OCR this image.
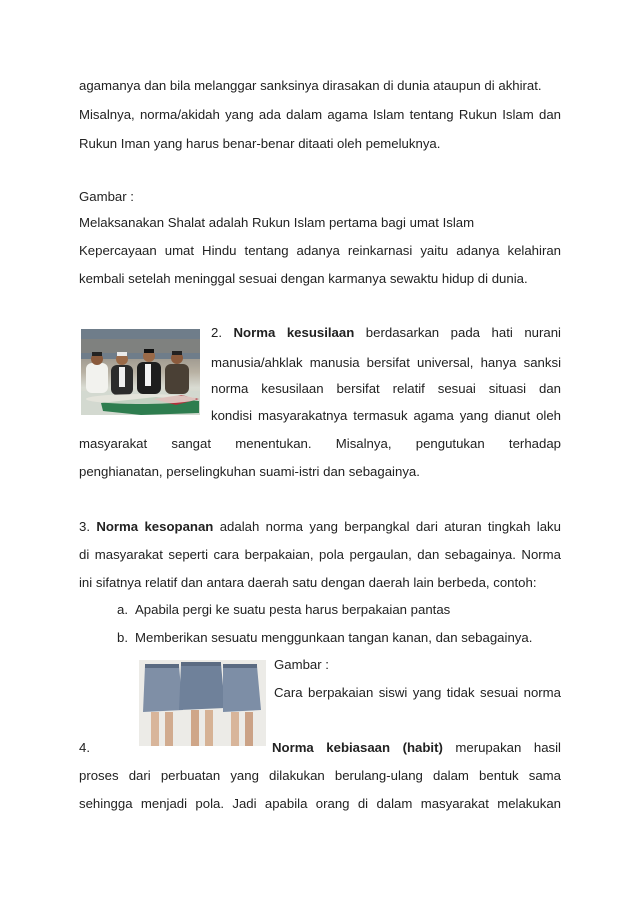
agamanya dan bila melanggar sanksinya dirasakan di dunia ataupun di akhirat.
Misalnya, norma/akidah yang ada dalam agama Islam tentang Rukun Islam dan
Rukun Iman yang harus benar-benar ditaati oleh pemeluknya.
Gambar :
Melaksanakan Shalat adalah Rukun Islam pertama bagi umat Islam
Kepercayaan umat Hindu tentang adanya reinkarnasi yaitu adanya kelahiran
kembali setelah meninggal sesuai dengan karmanya sewaktu hidup di dunia.
2. Norma kesusilaan berdasarkan pada hati nurani
manusia/ahklak manusia bersifat universal, hanya sanksi
norma kesusilaan bersifat relatif sesuai situasi dan
kondisi masyarakatnya termasuk agama yang dianut oleh
masyarakat sangat menentukan. Misalnya, pengutukan terhadap
penghianatan, perselingkuhan suami-istri dan sebagainya.
3. Norma kesopanan adalah norma yang berpangkal dari aturan tingkah laku
di masyarakat seperti cara berpakaian, pola pergaulan, dan sebagainya. Norma
ini sifatnya relatif dan antara daerah satu dengan daerah lain berbeda, contoh:
a. Apabila pergi ke suatu pesta harus berpakaian pantas
b. Memberikan sesuatu menggunkaan tangan kanan, dan sebagainya.
Gambar :
Cara berpakaian siswi yang tidak sesuai norma
4.	Norma kebiasaan (habit) merupakan hasil
proses dari perbuatan yang dilakukan berulang-ulang dalam bentuk sama
sehingga menjadi pola. Jadi apabila orang di dalam masyarakat melakukan
